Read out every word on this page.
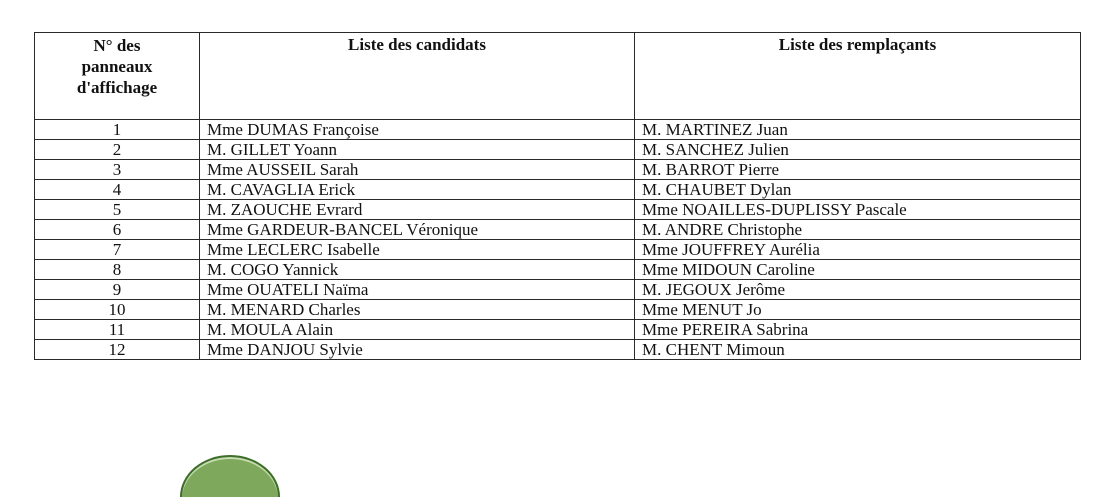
N° des
panneaux
d'affichage	Liste des candidats	Liste des remplaçants
1	Mme DUMAS Françoise	M. MARTINEZ Juan
2	M. GILLET Yoann	M. SANCHEZ Julien
3	Mme AUSSEIL Sarah	M. BARROT Pierre
4	M. CAVAGLIA Erick	M. CHAUBET Dylan
5	M. ZAOUCHE Evrard	Mme NOAILLES-DUPLISSY Pascale
6	Mme GARDEUR-BANCEL Véronique	M. ANDRE Christophe
7	Mme LECLERC Isabelle	Mme JOUFFREY Aurélia
8	M. COGO Yannick	Mme MIDOUN Caroline
9	Mme OUATELI Naïma	M. JEGOUX Jerôme
10	M. MENARD Charles	Mme MENUT Jo
11	M. MOULA Alain	Mme PEREIRA Sabrina
12	Mme DANJOU Sylvie	M. CHENT Mimoun
